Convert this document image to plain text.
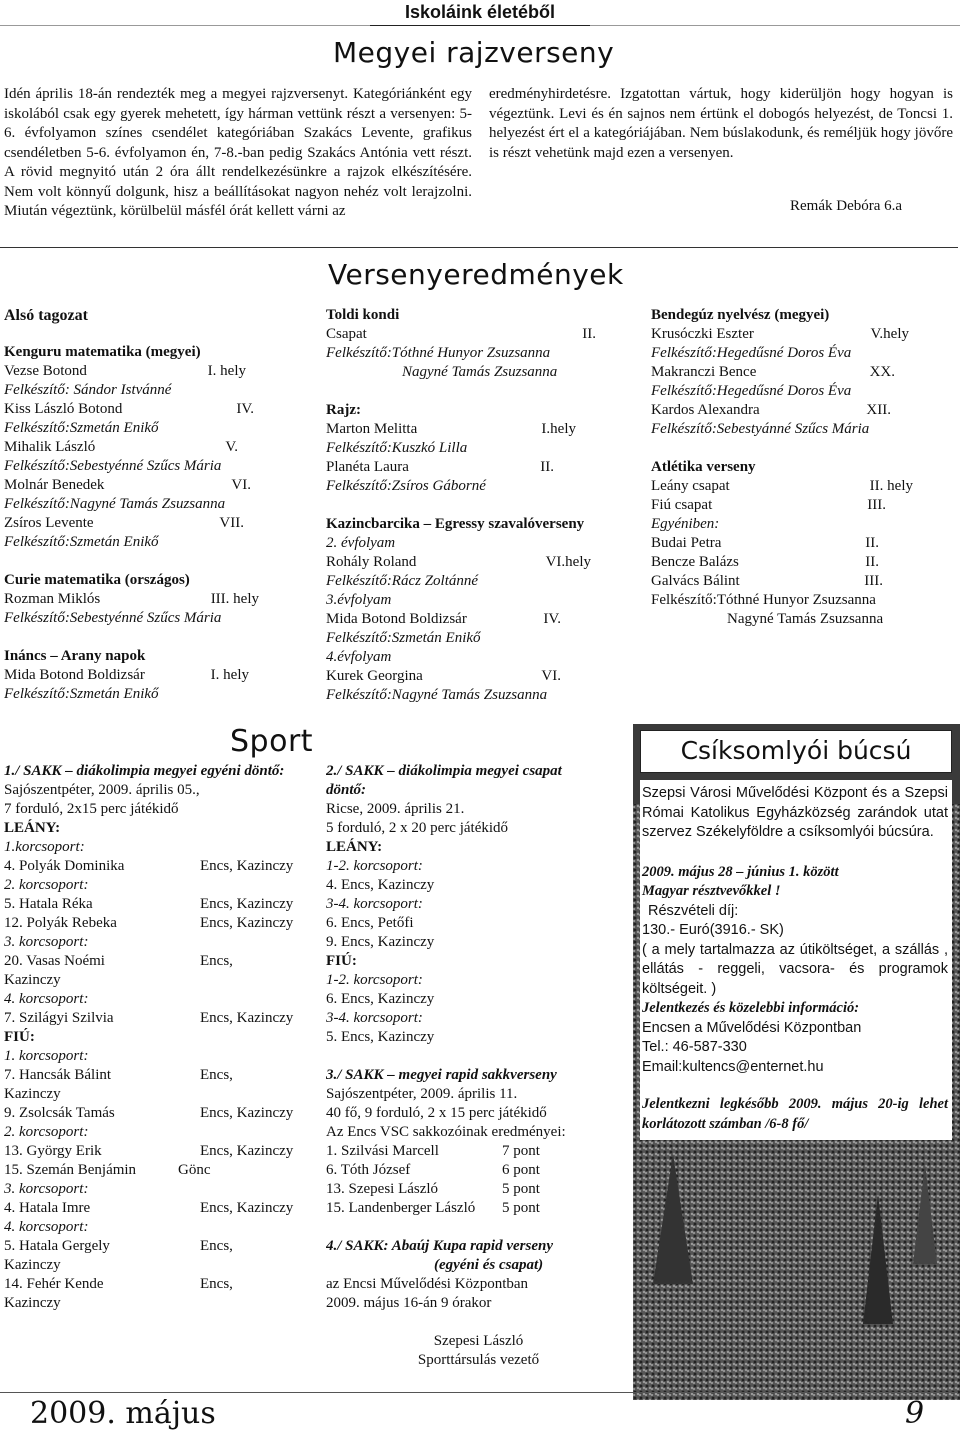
Iskoláink életéből
Megyei rajzverseny
Idén április 18-án rendezték meg a megyei rajzversenyt. Kategóriánként egy iskolából csak egy gyerek mehetett, így hárman vettünk részt a versenyen: 5-6. évfolyamon színes csendélet kategóriában Szakács Levente, grafikus csendéletben 5-6. évfolyamon én, 7-8.-ban pedig Szakács Antónia vett részt. A rövid megnyitó után 2 óra állt rendelkezésünkre a rajzok elkészítésére. Nem volt könnyű dolgunk, hisz a beállításokat nagyon nehéz volt lerajzolni. Miután végeztünk, körülbelül másfél órát kellett várni az
eredményhirdetésre. Izgatottan vártuk, hogy kiderüljön hogy hogyan is végeztünk. Levi és én sajnos nem értünk el dobogós helyezést, de Toncsi 1. helyezést ért el a kategóriájában. Nem búslakodunk, és reméljük hogy jövőre is részt vehetünk majd ezen a versenyen.
Remák Debóra 6.a
Versenyeredmények
Alsó tagozat
Kenguru matematika (megyei)
Vezse Botond	I. hely
Felkészítő: Sándor Istvánné
Kiss László Botond	IV.
Felkészítő:Szmetán Enikő
Mihalik László	V.
Felkészítő:Sebestyénné Szűcs Mária
Molnár Benedek	VI.
Felkészítő:Nagyné Tamás Zsuzsanna
Zsíros Levente	VII.
Felkészítő:Szmetán Enikő
Curie matematika (országos)
Rozman Miklós	III. hely
Felkészítő:Sebestyénné Szűcs Mária
Ináncs – Arany napok
Mida Botond Boldizsár	I. hely
Felkészítő:Szmetán Enikő
Toldi kondi
Csapat	II.
Felkészítő:Tóthné Hunyor Zsuzsanna
Nagyné Tamás Zsuzsanna
Rajz:
Marton Melitta	I.hely
Felkészítő:Kuszkó Lilla
Planéta Laura	II.
Felkészítő:Zsíros Gáborné
Kazincbarcika – Egressy szavalóverseny
2. évfolyam
Rohály Roland	VI.hely
Felkészítő:Rácz Zoltánné
3.évfolyam
Mida Botond Boldizsár	IV.
Felkészítő:Szmetán Enikő
4.évfolyam
Kurek Georgina	VI.
Felkészítő:Nagyné Tamás Zsuzsanna
Bendegúz nyelvész (megyei)
Krusóczki Eszter	V.hely
Felkészítő:Hegedűsné Doros Éva
Makranczi Bence	XX.
Felkészítő:Hegedűsné Doros Éva
Kardos Alexandra	XII.
Felkészítő:Sebestyánné Szűcs Mária
Atlétika verseny
Leány csapat	II. hely
Fiú csapat	III.
Egyéniben:
Budai Petra	II.
Bencze Balázs	II.
Galvács Bálint	III.
Felkészítő:Tóthné Hunyor Zsuzsanna
Nagyné Tamás Zsuzsanna
Sport
1./ SAKK – diákolimpia megyei egyéni döntő:
Sajószentpéter, 2009. április 05.,
7 forduló, 2x15 perc játékidő
LEÁNY:
1.korcsoport:
4. Polyák Dominika	Encs, Kazinczy
2. korcsoport:
5. Hatala Réka	Encs, Kazinczy
12. Polyák Rebeka	Encs, Kazinczy
3. korcsoport:
20. Vasas Noémi	Encs,
Kazinczy
4. korcsoport:
7. Szilágyi Szilvia	Encs, Kazinczy
FIÚ:
1. korcsoport:
7. Hancsák Bálint	Encs,
Kazinczy
9. Zsolcsák Tamás	Encs, Kazinczy
2. korcsoport:
13. György Erik	Encs, Kazinczy
15. Szemán Benjámin	Gönc
3. korcsoport:
4. Hatala Imre	Encs, Kazinczy
4. korcsoport:
5. Hatala Gergely	Encs,
Kazinczy
14. Fehér Kende	Encs,
Kazinczy
2./ SAKK – diákolimpia megyei csapat
döntő:
Ricse, 2009. április 21.
5 forduló, 2 x 20 perc játékidő
LEÁNY:
1-2. korcsoport:
4. Encs, Kazinczy
3-4. korcsoport:
6. Encs, Petőfi
9. Encs, Kazinczy
FIÚ:
1-2. korcsoport:
6. Encs, Kazinczy
3-4. korcsoport:
5. Encs, Kazinczy
3./ SAKK – megyei rapid sakkverseny
Sajószentpéter, 2009. április 11.
40 fő, 9 forduló, 2 x 15 perc játékidő
Az Encs VSC sakkozóinak eredményei:
1. Szilvási Marcell	7 pont
6. Tóth József	6 pont
13. Szepesi László	5 pont
15. Landenberger László 5 pont
4./ SAKK: Abaúj Kupa rapid verseny
(egyéni és csapat)
az Encsi Művelődési Központban
2009. május 16-án 9 órakor
Szepesi László
Sporttársulás vezető
Csíksomlyói búcsú
Szepsi Városi Művelődési Központ és a Szepsi Római Katolikus Egyházközség zarándok utat szervez Székelyföldre a csíksomlyói búcsúra.
2009. május 28 – június 1. között
Magyar résztvevőkkel !
Részvételi díj:
130.- Euró(3916.- SK)
( a mely tartalmazza az útiköltséget, a szállás , ellátás - reggeli, vacsora- és programok költségeit. )
Jelentkezés és közelebbi információ:
Encsen a Művelődési Központban
Tel.: 46-587-330
Email:kultencs@enternet.hu
Jelentkezni legkésőbb 2009. május 20-ig lehet korlátozott számban /6-8 fő/
2009. május	9
